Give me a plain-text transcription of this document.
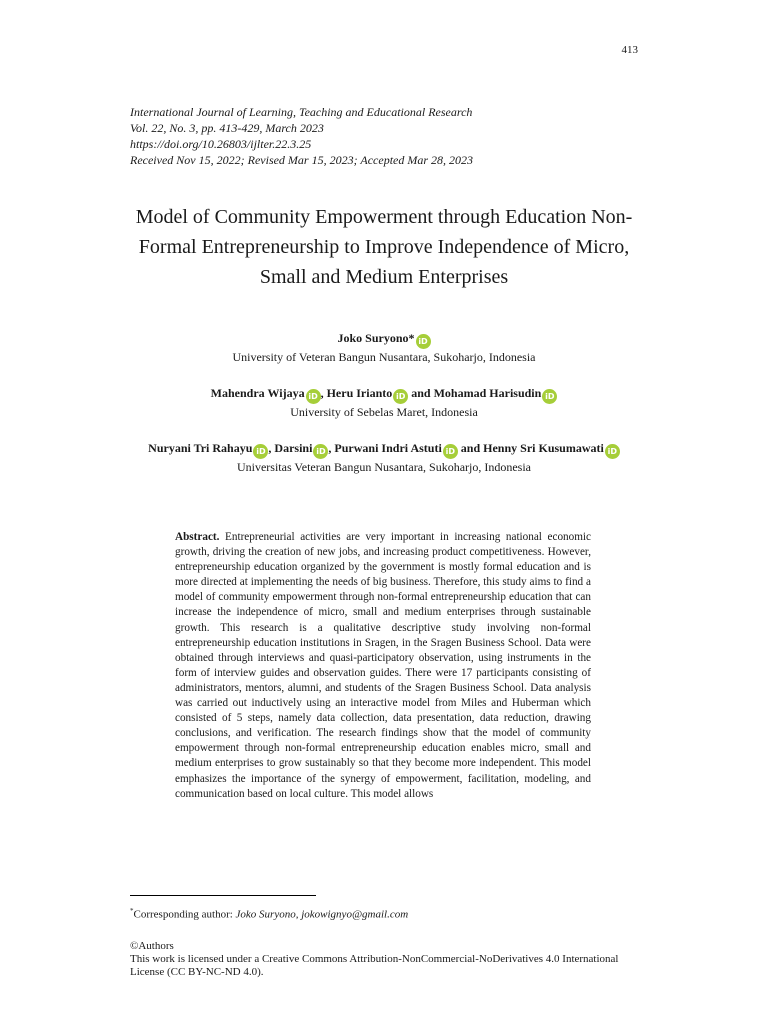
413
International Journal of Learning, Teaching and Educational Research
Vol. 22, No. 3, pp. 413-429, March 2023
https://doi.org/10.26803/ijlter.22.3.25
Received Nov 15, 2022; Revised Mar 15, 2023; Accepted Mar 28, 2023
Model of Community Empowerment through Education Non-Formal Entrepreneurship to Improve Independence of Micro, Small and Medium Enterprises
Joko Suryono* iD
University of Veteran Bangun Nusantara, Sukoharjo, Indonesia
Mahendra Wijaya iD , Heru Irianto iD and Mohamad Harisudin iD
University of Sebelas Maret, Indonesia
Nuryani Tri Rahayu iD , Darsini iD , Purwani Indri Astuti iD and Henny Sri Kusumawati iD
Universitas Veteran Bangun Nusantara, Sukoharjo, Indonesia
Abstract. Entrepreneurial activities are very important in increasing national economic growth, driving the creation of new jobs, and increasing product competitiveness. However, entrepreneurship education organized by the government is mostly formal education and is more directed at implementing the needs of big business. Therefore, this study aims to find a model of community empowerment through non-formal entrepreneurship education that can increase the independence of micro, small and medium enterprises through sustainable growth. This research is a qualitative descriptive study involving non-formal entrepreneurship education institutions in Sragen, in the Sragen Business School. Data were obtained through interviews and quasi-participatory observation, using instruments in the form of interview guides and observation guides. There were 17 participants consisting of administrators, mentors, alumni, and students of the Sragen Business School. Data analysis was carried out inductively using an interactive model from Miles and Huberman which consisted of 5 steps, namely data collection, data presentation, data reduction, drawing conclusions, and verification. The research findings show that the model of community empowerment through non-formal entrepreneurship education enables micro, small and medium enterprises to grow sustainably so that they become more independent. This model emphasizes the importance of the synergy of empowerment, facilitation, modeling, and communication based on local culture. This model allows
*Corresponding author: Joko Suryono, jokowignyo@gmail.com
©Authors
This work is licensed under a Creative Commons Attribution-NonCommercial-NoDerivatives 4.0 International License (CC BY-NC-ND 4.0).
